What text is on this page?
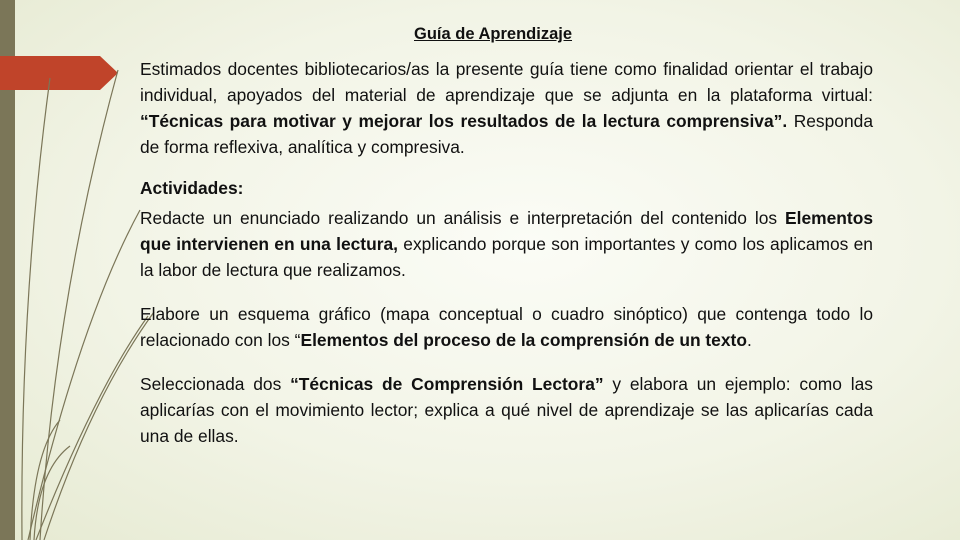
Guía de Aprendizaje

Estimados docentes bibliotecarios/as la presente guía tiene como finalidad orientar el trabajo individual, apoyados del material de aprendizaje que se adjunta en la plataforma virtual: “Técnicas para motivar y mejorar los resultados de la lectura comprensiva”. Responda de forma reflexiva, analítica y compresiva.

Actividades:

Redacte un enunciado realizando un análisis e interpretación del contenido los Elementos que intervienen en una lectura, explicando porque son importantes y como los aplicamos en la labor de lectura que realizamos.

Elabore un esquema gráfico (mapa conceptual o cuadro sinóptico) que contenga todo lo relacionado con los “Elementos del proceso de la comprensión de un texto.

Seleccionada dos “Técnicas de Comprensión Lectora” y elabora un ejemplo: como las aplicarías con el movimiento lector; explica a qué nivel de aprendizaje se las aplicarías cada una de ellas.
